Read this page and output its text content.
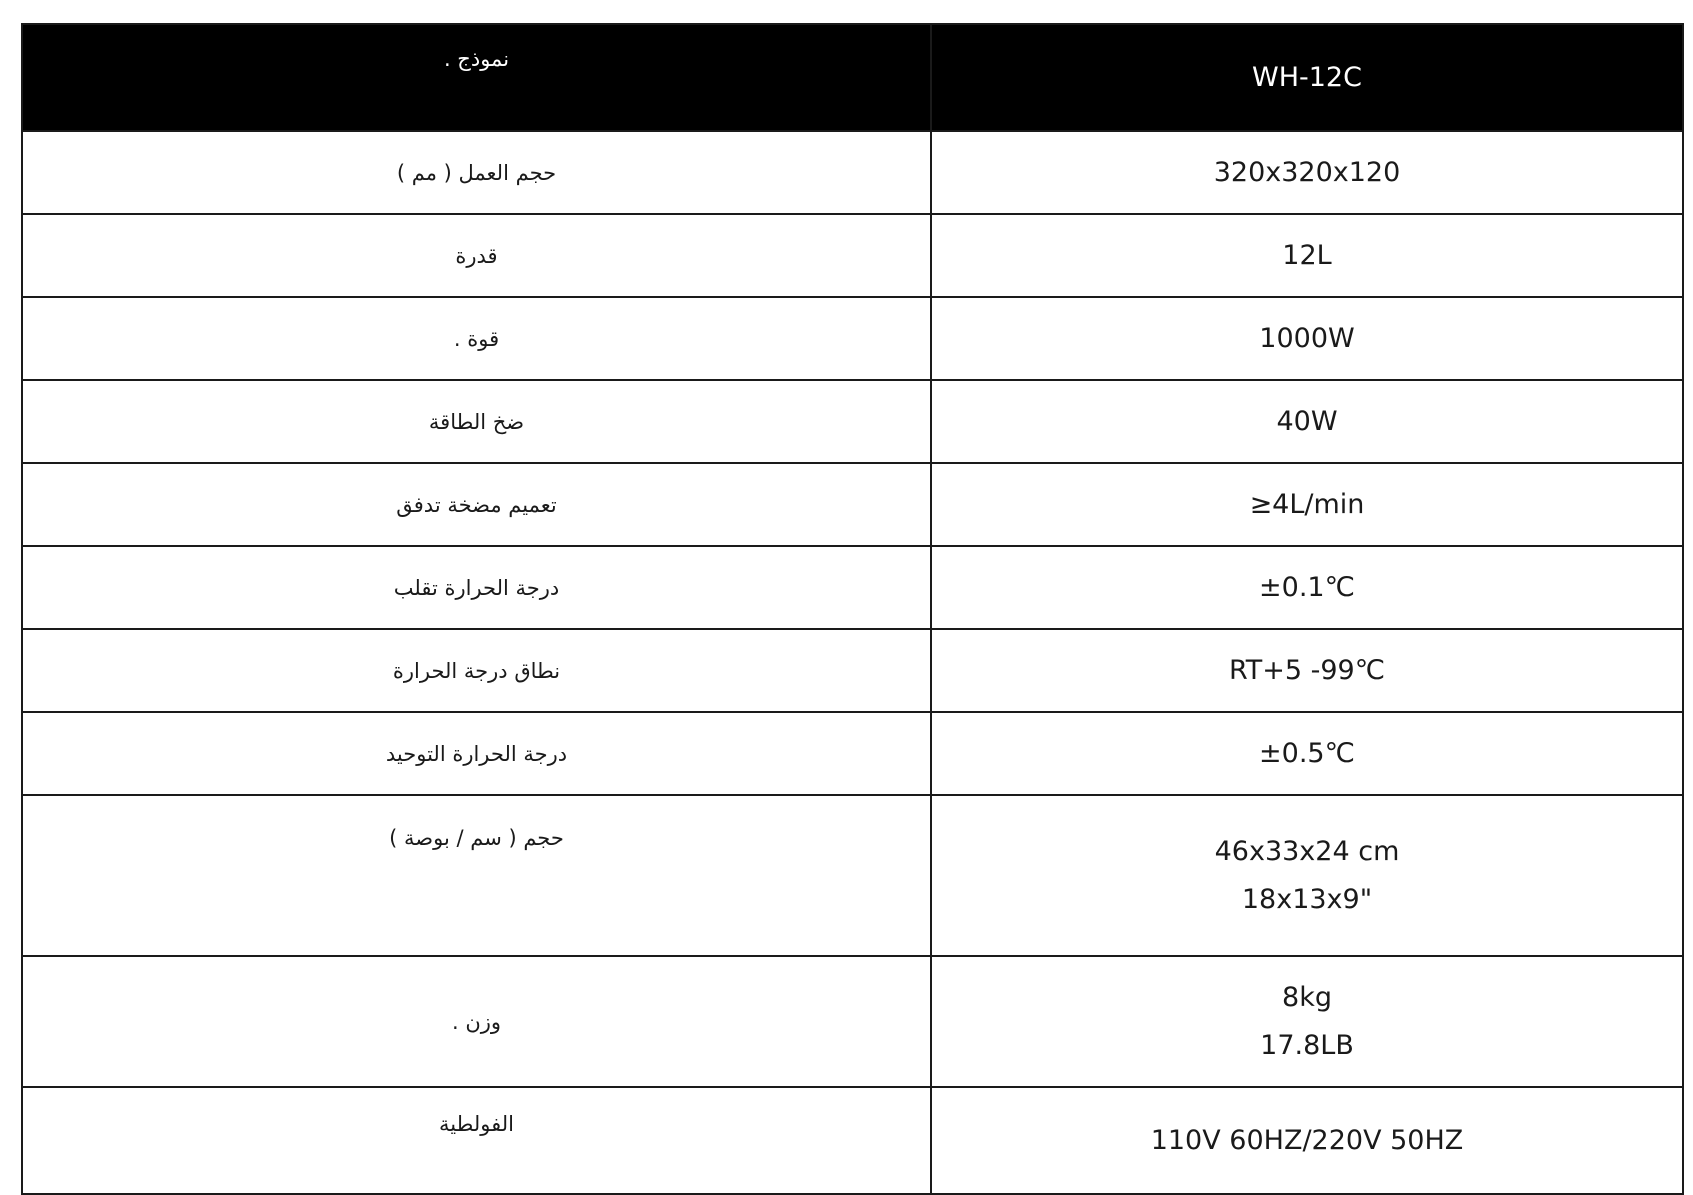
نموذج .	WH-12C
حجم العمل ( مم )	320x320x120

قدرة	12L

قوة .	1000W

ضخ الطاقة	40W

تعميم مضخة تدفق	≥4L/min

درجة الحرارة تقلب	±0.1℃

نطاق درجة الحرارة	RT+5 -99℃

درجة الحرارة التوحيد	±0.5℃

حجم ( سم / بوصة )	46x33x24 cm
18x13x9"

وزن .	8kg
17.8LB

الفولطية	110V 60HZ/220V 50HZ
